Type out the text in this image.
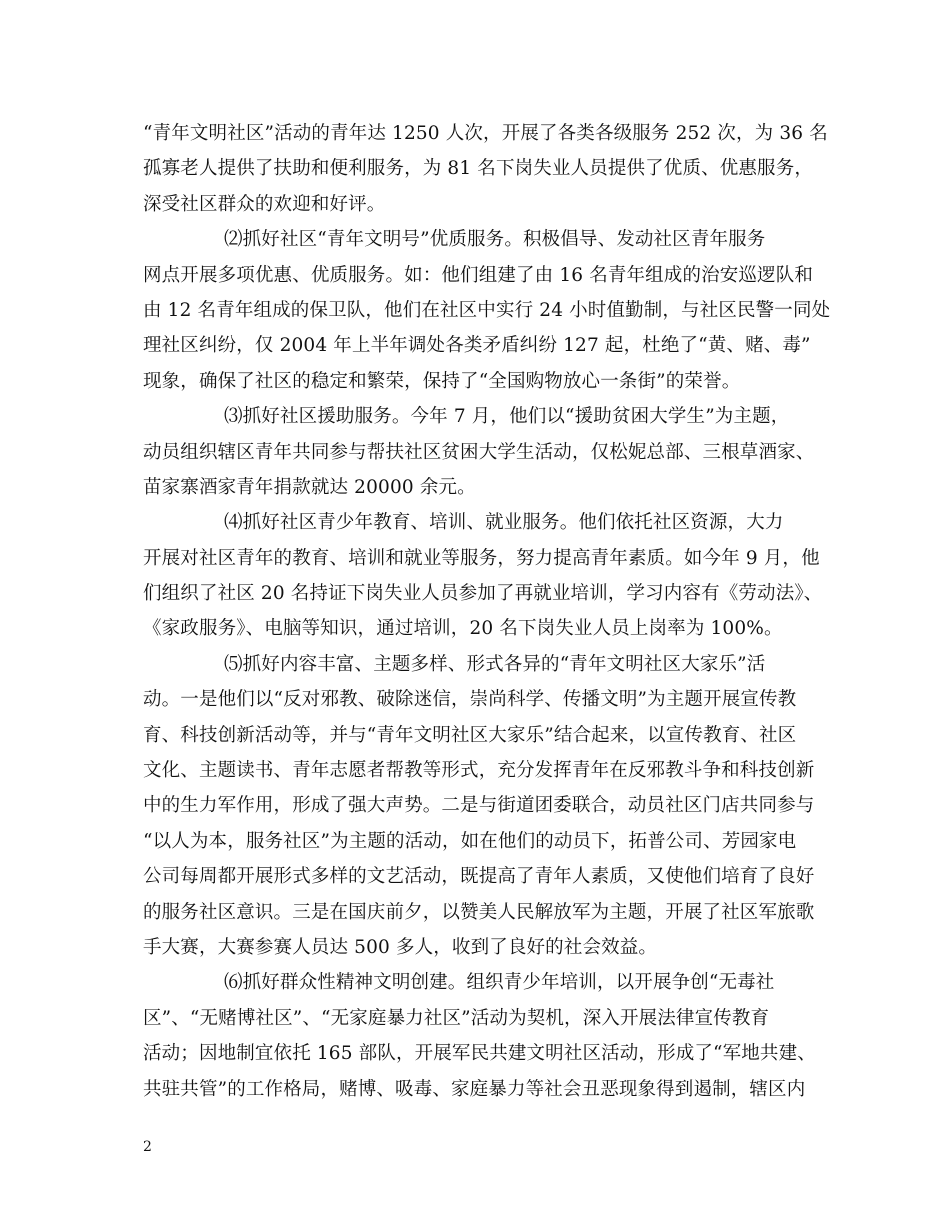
“青年文明社区”活动的青年达 1250 人次，开展了各类各级服务 252 次，为 36 名
孤寡老人提供了扶助和便利服务，为 81 名下岗失业人员提供了优质、优惠服务，
深受社区群众的欢迎和好评。
⑵抓好社区“青年文明号”优质服务。积极倡导、发动社区青年服务
网点开展多项优惠、优质服务。如：他们组建了由 16 名青年组成的治安巡逻队和
由 12 名青年组成的保卫队，他们在社区中实行 24 小时值勤制，与社区民警一同处
理社区纠纷，仅 2004 年上半年调处各类矛盾纠纷 127 起，杜绝了“黄、赌、毒”
现象，确保了社区的稳定和繁荣，保持了“全国购物放心一条街”的荣誉。
⑶抓好社区援助服务。今年 7 月，他们以“援助贫困大学生”为主题，
动员组织辖区青年共同参与帮扶社区贫困大学生活动，仅松妮总部、三根草酒家、
苗家寨酒家青年捐款就达 20000 余元。
⑷抓好社区青少年教育、培训、就业服务。他们依托社区资源，大力
开展对社区青年的教育、培训和就业等服务，努力提高青年素质。如今年 9 月，他
们组织了社区 20 名持证下岗失业人员参加了再就业培训，学习内容有《劳动法》、
《家政服务》、电脑等知识，通过培训，20 名下岗失业人员上岗率为 100%。
⑸抓好内容丰富、主题多样、形式各异的“青年文明社区大家乐”活
动。一是他们以“反对邪教、破除迷信，崇尚科学、传播文明”为主题开展宣传教
育、科技创新活动等，并与“青年文明社区大家乐”结合起来，以宣传教育、社区
文化、主题读书、青年志愿者帮教等形式，充分发挥青年在反邪教斗争和科技创新
中的生力军作用，形成了强大声势。二是与街道团委联合，动员社区门店共同参与
“以人为本，服务社区”为主题的活动，如在他们的动员下，拓普公司、芳园家电
公司每周都开展形式多样的文艺活动，既提高了青年人素质，又使他们培育了良好
的服务社区意识。三是在国庆前夕，以赞美人民解放军为主题，开展了社区军旅歌
手大赛，大赛参赛人员达 500 多人，收到了良好的社会效益。
⑹抓好群众性精神文明创建。组织青少年培训，以开展争创“无毒社
区”、“无赌博社区”、“无家庭暴力社区”活动为契机，深入开展法律宣传教育
活动；因地制宜依托 165 部队，开展军民共建文明社区活动，形成了“军地共建、
共驻共管”的工作格局，赌博、吸毒、家庭暴力等社会丑恶现象得到遏制，辖区内
2
